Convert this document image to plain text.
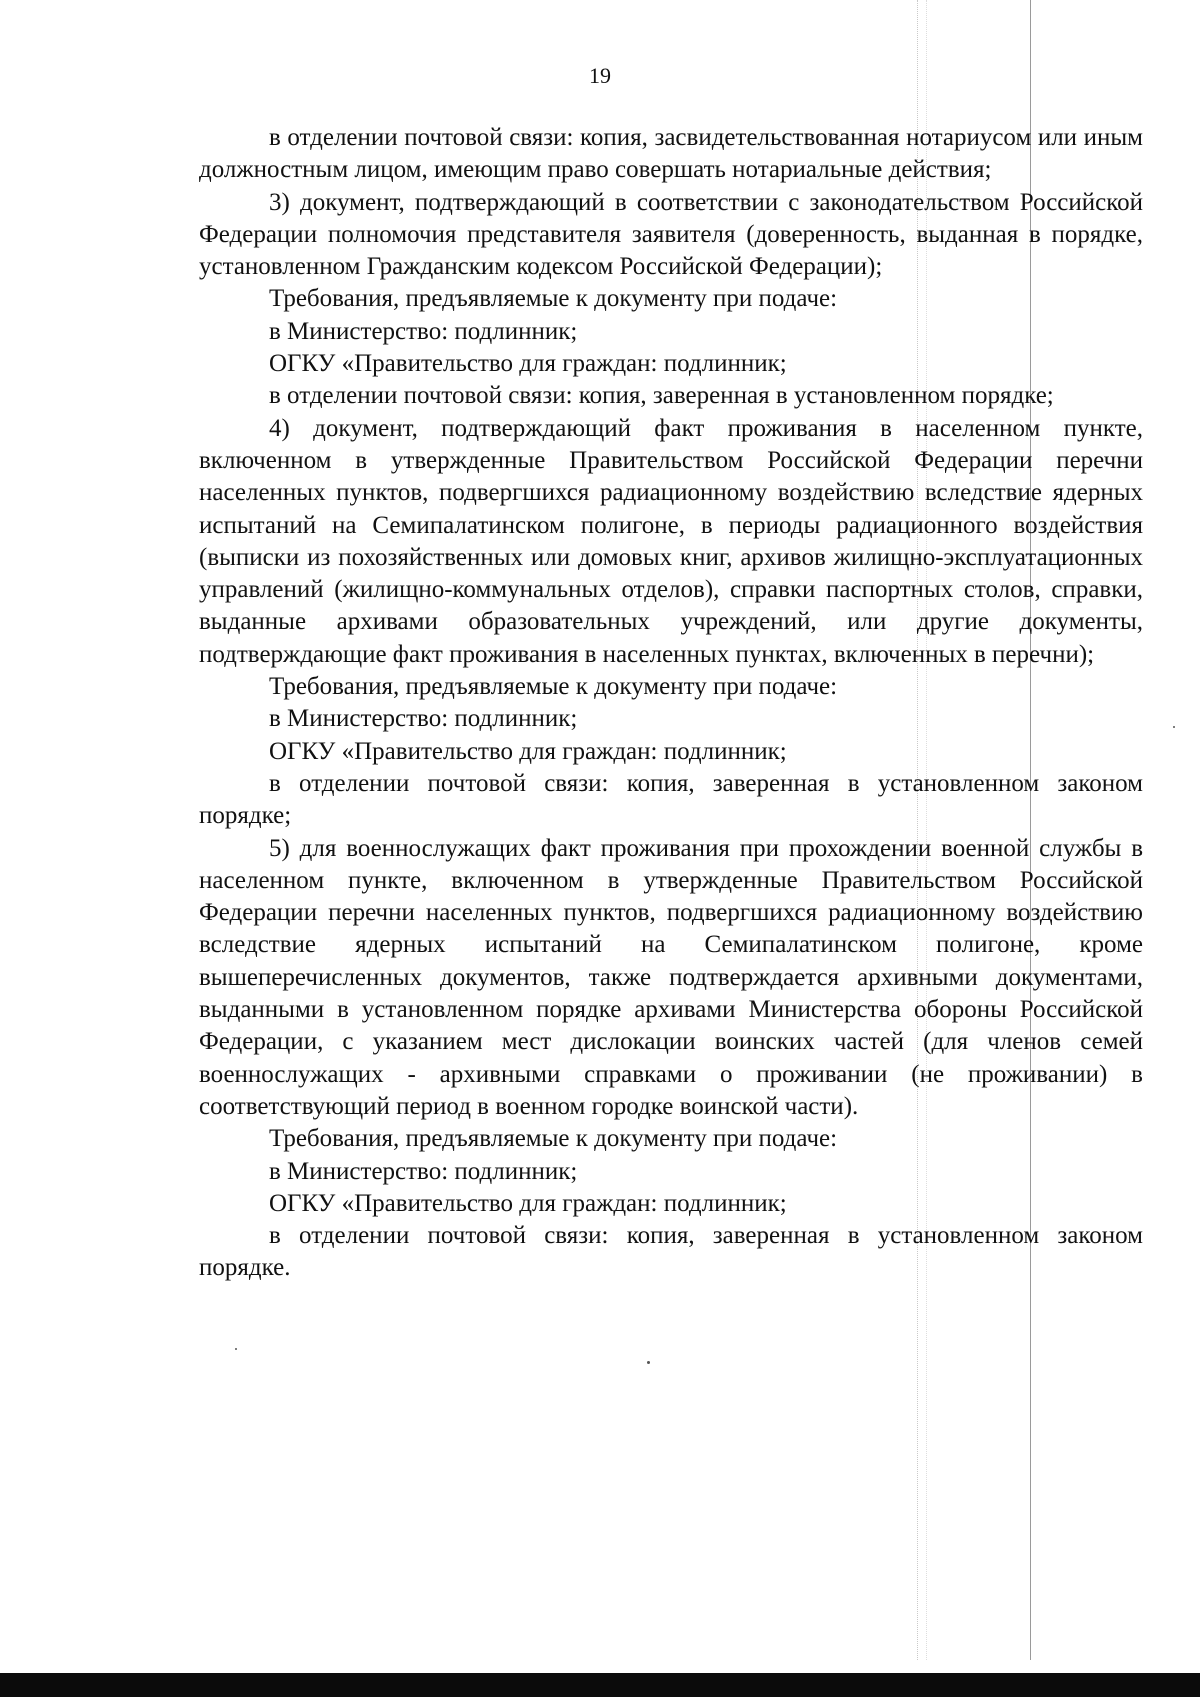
19

в отделении почтовой связи: копия, засвидетельствованная нотариусом или иным должностным лицом, имеющим право совершать нотариальные действия;

3) документ, подтверждающий в соответствии с законодательством Российской Федерации полномочия представителя заявителя (доверенность, выданная в порядке, установленном Гражданским кодексом Российской Федерации);

Требования, предъявляемые к документу при подаче:

в Министерство: подлинник;

ОГКУ «Правительство для граждан: подлинник;

в отделении почтовой связи: копия, заверенная в установленном порядке;

4) документ, подтверждающий факт проживания в населенном пункте, включенном в утвержденные Правительством Российской Федерации перечни населенных пунктов, подвергшихся радиационному воздействию вследствие ядерных испытаний на Семипалатинском полигоне, в периоды радиационного воздействия (выписки из похозяйственных или домовых книг, архивов жилищно-эксплуатационных управлений (жилищно-коммунальных отделов), справки паспортных столов, справки, выданные архивами образовательных учреждений, или другие документы, подтверждающие факт проживания в населенных пунктах, включенных в перечни);

Требования, предъявляемые к документу при подаче:

в Министерство: подлинник;

ОГКУ «Правительство для граждан: подлинник;

в отделении почтовой связи: копия, заверенная в установленном законом порядке;

5) для военнослужащих факт проживания при прохождении военной службы в населенном пункте, включенном в утвержденные Правительством Российской Федерации перечни населенных пунктов, подвергшихся радиационному воздействию вследствие ядерных испытаний на Семипалатинском полигоне, кроме вышеперечисленных документов, также подтверждается архивными документами, выданными в установленном порядке архивами Министерства обороны Российской Федерации, с указанием мест дислокации воинских частей (для членов семей военнослужащих - архивными справками о проживании (не проживании) в соответствующий период в военном городке воинской части).

Требования, предъявляемые к документу при подаче:

в Министерство: подлинник;

ОГКУ «Правительство для граждан: подлинник;

в отделении почтовой связи: копия, заверенная в установленном законом порядке.
